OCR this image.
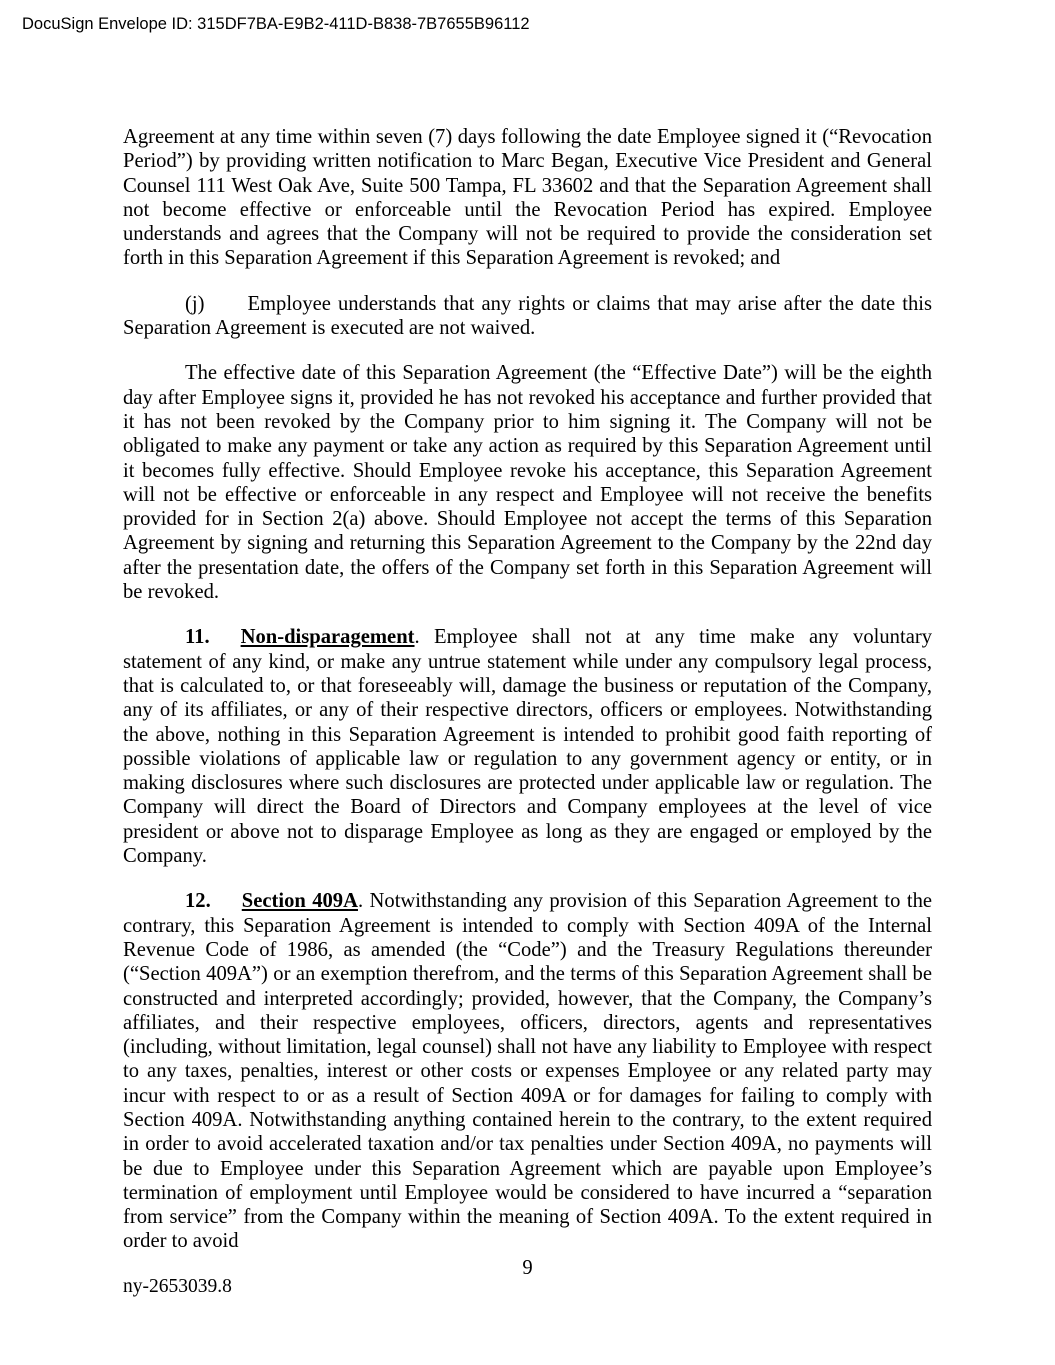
DocuSign Envelope ID: 315DF7BA-E9B2-411D-B838-7B7655B96112

Agreement at any time within seven (7) days following the date Employee signed it (“Revocation Period”) by providing written notification to Marc Began, Executive Vice President and General Counsel 111 West Oak Ave, Suite 500 Tampa, FL 33602 and that the Separation Agreement shall not become effective or enforceable until the Revocation Period has expired. Employee understands and agrees that the Company will not be required to provide the consideration set forth in this Separation Agreement if this Separation Agreement is revoked; and

(j) Employee understands that any rights or claims that may arise after the date this Separation Agreement is executed are not waived.

The effective date of this Separation Agreement (the “Effective Date”) will be the eighth day after Employee signs it, provided he has not revoked his acceptance and further provided that it has not been revoked by the Company prior to him signing it. The Company will not be obligated to make any payment or take any action as required by this Separation Agreement until it becomes fully effective. Should Employee revoke his acceptance, this Separation Agreement will not be effective or enforceable in any respect and Employee will not receive the benefits provided for in Section 2(a) above. Should Employee not accept the terms of this Separation Agreement by signing and returning this Separation Agreement to the Company by the 22nd day after the presentation date, the offers of the Company set forth in this Separation Agreement will be revoked.

11. Non-disparagement. Employee shall not at any time make any voluntary statement of any kind, or make any untrue statement while under any compulsory legal process, that is calculated to, or that foreseeably will, damage the business or reputation of the Company, any of its affiliates, or any of their respective directors, officers or employees. Notwithstanding the above, nothing in this Separation Agreement is intended to prohibit good faith reporting of possible violations of applicable law or regulation to any government agency or entity, or in making disclosures where such disclosures are protected under applicable law or regulation. The Company will direct the Board of Directors and Company employees at the level of vice president or above not to disparage Employee as long as they are engaged or employed by the Company.

12. Section 409A. Notwithstanding any provision of this Separation Agreement to the contrary, this Separation Agreement is intended to comply with Section 409A of the Internal Revenue Code of 1986, as amended (the “Code”) and the Treasury Regulations thereunder (“Section 409A”) or an exemption therefrom, and the terms of this Separation Agreement shall be constructed and interpreted accordingly; provided, however, that the Company, the Company’s affiliates, and their respective employees, officers, directors, agents and representatives (including, without limitation, legal counsel) shall not have any liability to Employee with respect to any taxes, penalties, interest or other costs or expenses Employee or any related party may incur with respect to or as a result of Section 409A or for damages for failing to comply with Section 409A. Notwithstanding anything contained herein to the contrary, to the extent required in order to avoid accelerated taxation and/or tax penalties under Section 409A, no payments will be due to Employee under this Separation Agreement which are payable upon Employee’s termination of employment until Employee would be considered to have incurred a “separation from service” from the Company within the meaning of Section 409A. To the extent required in order to avoid

9
ny-2653039.8
